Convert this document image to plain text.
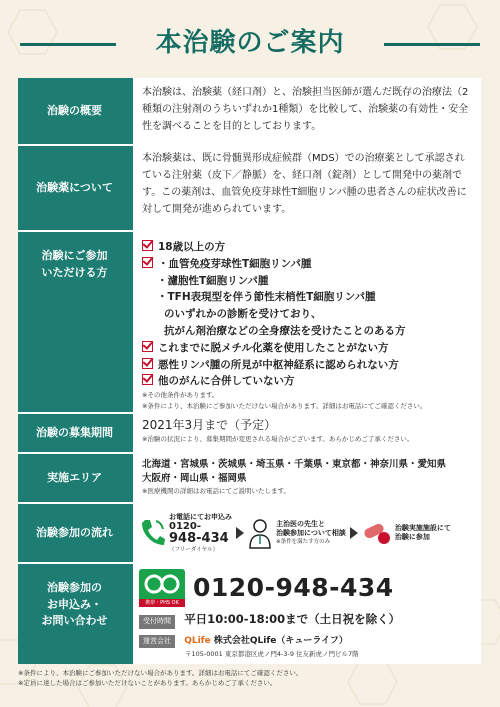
本治験のご案内
治験の概要
本治験は、治験薬（経口剤）と、治験担当医師が選んだ既存の治療法（2種類の注射剤のうちいずれか1種類）を比較して、治験薬の有効性・安全性を調べることを目的としております。
治験薬について
本治験薬は、既に骨髄異形成症候群（MDS）での治療薬として承認されている注射薬（皮下／静脈）を、経口剤（錠剤）として開発中の薬剤です。この薬剤は、血管免疫芽球性T細胞リンパ腫の患者さんの症状改善に対して開発が進められています。
治験にご参加
いただける方
18歳以上の方
・血管免疫芽球性T細胞リンパ腫
・濾胞性T細胞リンパ腫
・TFH表現型を伴う節性末梢性T細胞リンパ腫
のいずれかの診断を受けており、
抗がん剤治療などの全身療法を受けたことのある方
これまでに脱メチル化薬を使用したことがない方
悪性リンパ腫の所見が中枢神経系に認められない方
他のがんに合併していない方
※その他条件があります。
※条件により、本治験にご参加いただけない場合があります。詳細はお電話にてご確認ください。
治験の募集期間
2021年3月まで（予定）
※治験の状況により、募集期間が変更される場合がございます。あらかじめご了承ください。
実施エリア
北海道・宮城県・茨城県・埼玉県・千葉県・東京都・神奈川県・愛知県
大阪府・岡山県・福岡県
※医療機関の詳細はお電話にてご説明いたします。
治験参加の流れ
お電話にてお申込み
0120-
948-434
（フリーダイヤル）
主治医の先生と
治験参加について相談
※条件を満たす方のみ
治験実施施設にて
治験に参加
治験参加の
お申込み・
お問い合わせ
携帯・PHS OK
0120-948-434
受付時間 平日10:00-18:00まで（土日祝を除く）
運営会社 QLife 株式会社QLife（キューライフ）
〒105-0001 東京都港区虎ノ門4-3-9 住友新虎ノ門ビル7階
※条件により、本治験にご参加いただけない場合があります。詳細はお電話にてご確認ください。
※定員に達した場合はご参加いただけないことがあります。あらかじめご了承ください。
